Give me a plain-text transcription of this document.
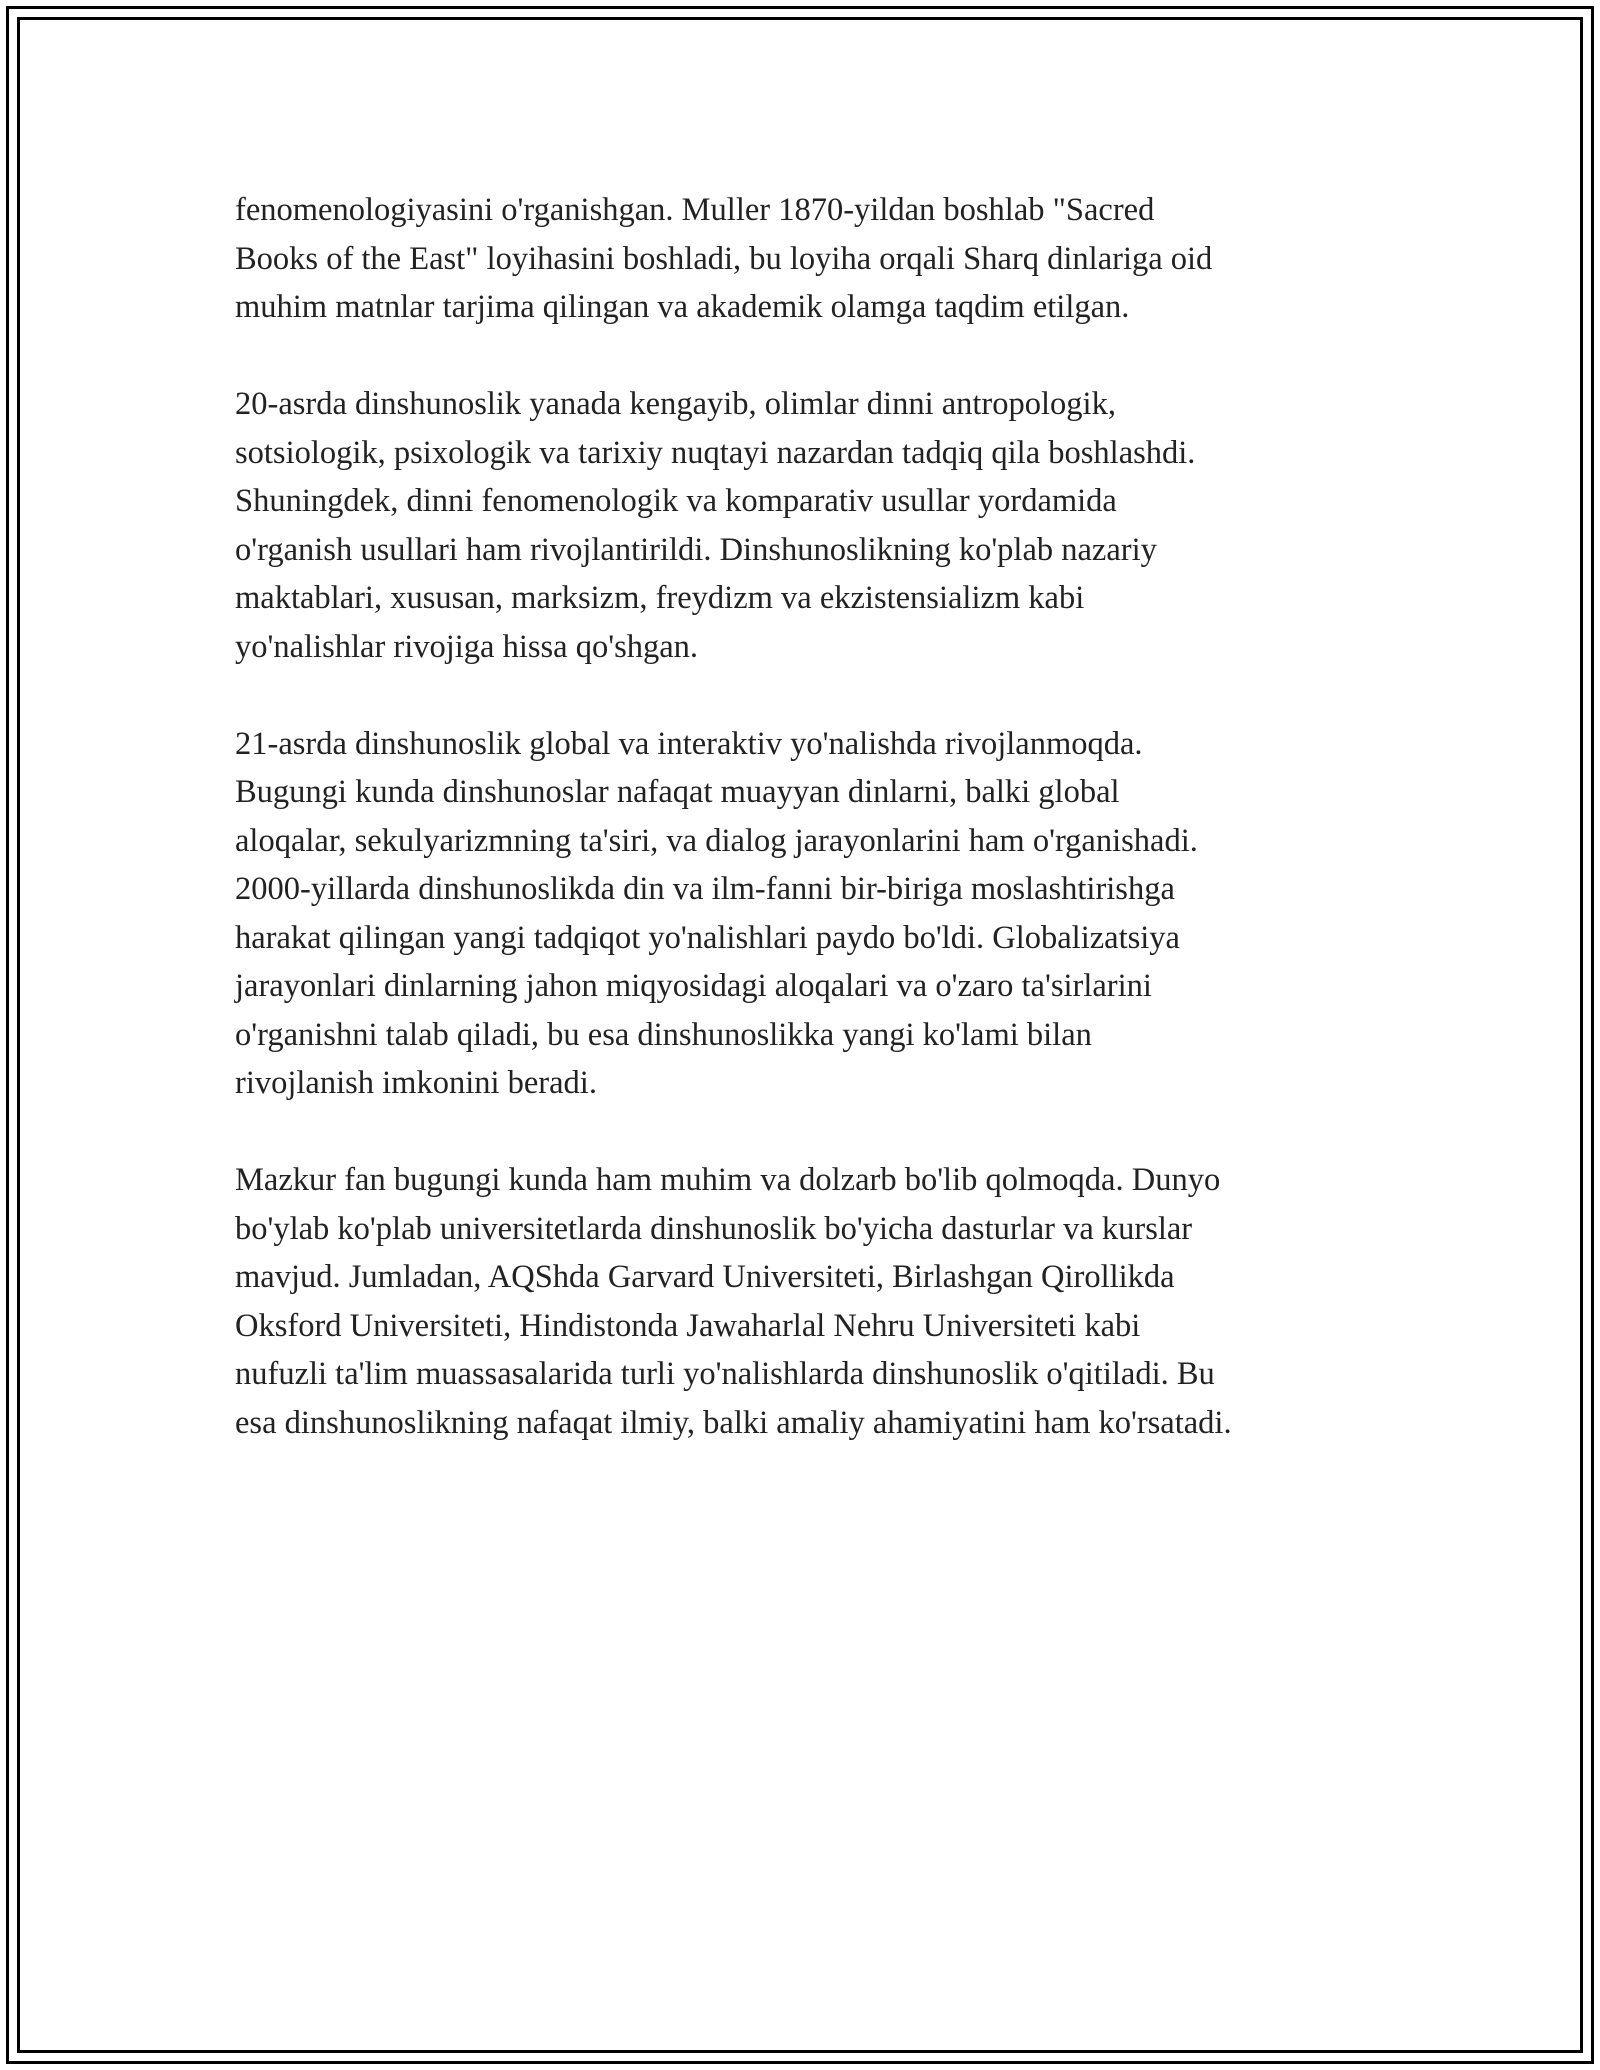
fenomenologiyasini o'rganishgan. Muller 1870-yildan boshlab "Sacred
Books of the East" loyihasini boshladi, bu loyiha orqali Sharq dinlariga oid
muhim matnlar tarjima qilingan va akademik olamga taqdim etilgan.

20-asrda dinshunoslik yanada kengayib, olimlar dinni antropologik,
sotsiologik, psixologik va tarixiy nuqtayi nazardan tadqiq qila boshlashdi.
Shuningdek, dinni fenomenologik va komparativ usullar yordamida
o'rganish usullari ham rivojlantirildi. Dinshunoslikning ko'plab nazariy
maktablari, xususan, marksizm, freydizm va ekzistensializm kabi
yo'nalishlar rivojiga hissa qo'shgan.

21-asrda dinshunoslik global va interaktiv yo'nalishda rivojlanmoqda.
Bugungi kunda dinshunoslar nafaqat muayyan dinlarni, balki global
aloqalar, sekulyarizmning ta'siri, va dialog jarayonlarini ham o'rganishadi.
2000-yillarda dinshunoslikda din va ilm-fanni bir-biriga moslashtirishga
harakat qilingan yangi tadqiqot yo'nalishlari paydo bo'ldi. Globalizatsiya
jarayonlari dinlarning jahon miqyosidagi aloqalari va o'zaro ta'sirlarini
o'rganishni talab qiladi, bu esa dinshunoslikka yangi ko'lami bilan
rivojlanish imkonini beradi.

Mazkur fan bugungi kunda ham muhim va dolzarb bo'lib qolmoqda. Dunyo
bo'ylab ko'plab universitetlarda dinshunoslik bo'yicha dasturlar va kurslar
mavjud. Jumladan, AQShda Garvard Universiteti, Birlashgan Qirollikda
Oksford Universiteti, Hindistonda Jawaharlal Nehru Universiteti kabi
nufuzli ta'lim muassasalarida turli yo'nalishlarda dinshunoslik o'qitiladi. Bu
esa dinshunoslikning nafaqat ilmiy, balki amaliy ahamiyatini ham ko'rsatadi.
